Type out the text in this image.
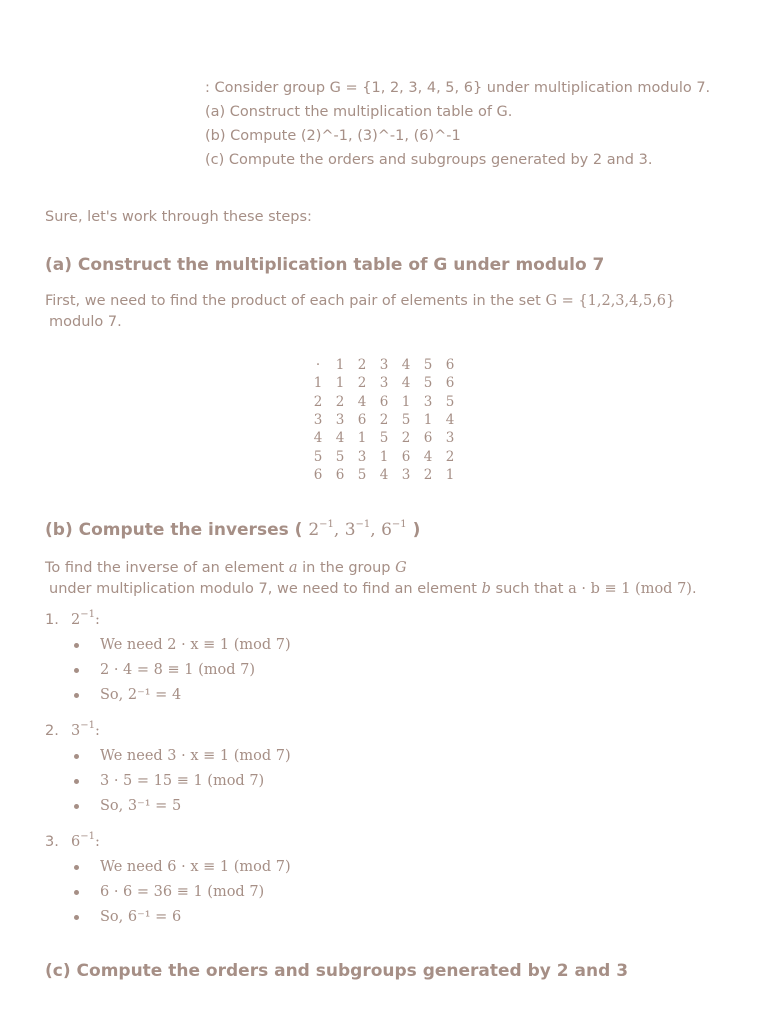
: Consider group G = {1, 2, 3, 4, 5, 6} under multiplication modulo 7.
(a) Construct the multiplication table of G.
(b) Compute (2)^-1, (3)^-1, (6)^-1
(c) Compute the orders and subgroups generated by 2 and 3.
Sure, let's work through these steps:
(a) Construct the multiplication table of G under modulo 7
First, we need to find the product of each pair of elements in the set G = {1,2,3,4,5,6}
modulo 7.
·	1	2	3	4	5	6
1	1	2	3	4	5	6
2	2	4	6	1	3	5
3	3	6	2	5	1	4
4	4	1	5	2	6	3
5	5	3	1	6	4	2
6	6	5	4	3	2	1
(b) Compute the inverses ( $2^{-1}$, $3^{-1}$, $6^{-1}$ )
To find the inverse of an element a in the group G
under multiplication modulo 7, we need to find an element b such that a · b ≡ 1 (mod 7).
1. $2^{-1}$:
We need 2 · x ≡ 1 (mod 7)
2 · 4 = 8 ≡ 1 (mod 7)
So, 2⁻¹ = 4
2. $3^{-1}$:
We need 3 · x ≡ 1 (mod 7)
3 · 5 = 15 ≡ 1 (mod 7)
So, 3⁻¹ = 5
3. $6^{-1}$:
We need 6 · x ≡ 1 (mod 7)
6 · 6 = 36 ≡ 1 (mod 7)
So, 6⁻¹ = 6
(c) Compute the orders and subgroups generated by 2 and 3
